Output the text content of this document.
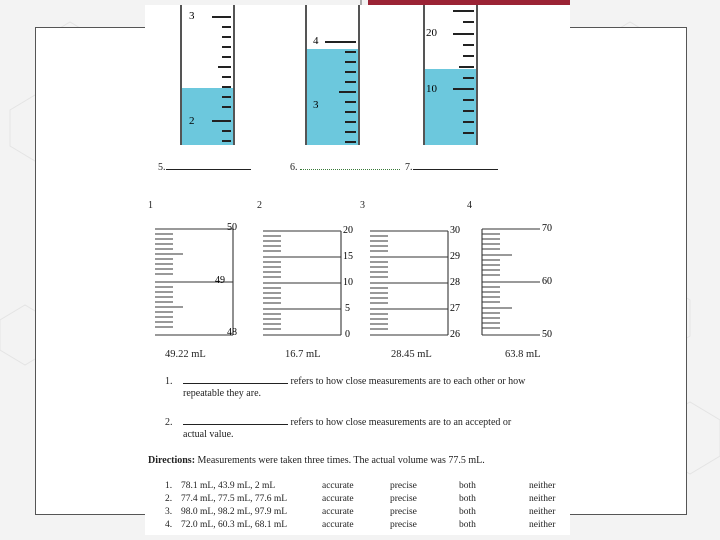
3
2
4
3
20
10
5.	6.	7.
1	2	3	4
50
49
48
20
15
10
5
0
30
29
28
27
26
70
60
50
49.22 mL	16.7 mL	28.45 mL	63.8 mL
1.	refers to how close measurements are to each other or how
repeatable they are.
2.	refers to how close measurements are to an accepted or
actual value.
Directions: Measurements were taken three times. The actual volume was 77.5 mL.
1. 78.1 mL, 43.9 mL, 2 mL	accurate	precise	both	neither
2. 77.4 mL, 77.5 mL, 77.6 mL	accurate	precise	both	neither
3. 98.0 mL, 98.2 mL, 97.9 mL	accurate	precise	both	neither
4. 72.0 mL, 60.3 mL, 68.1 mL	accurate	precise	both	neither
